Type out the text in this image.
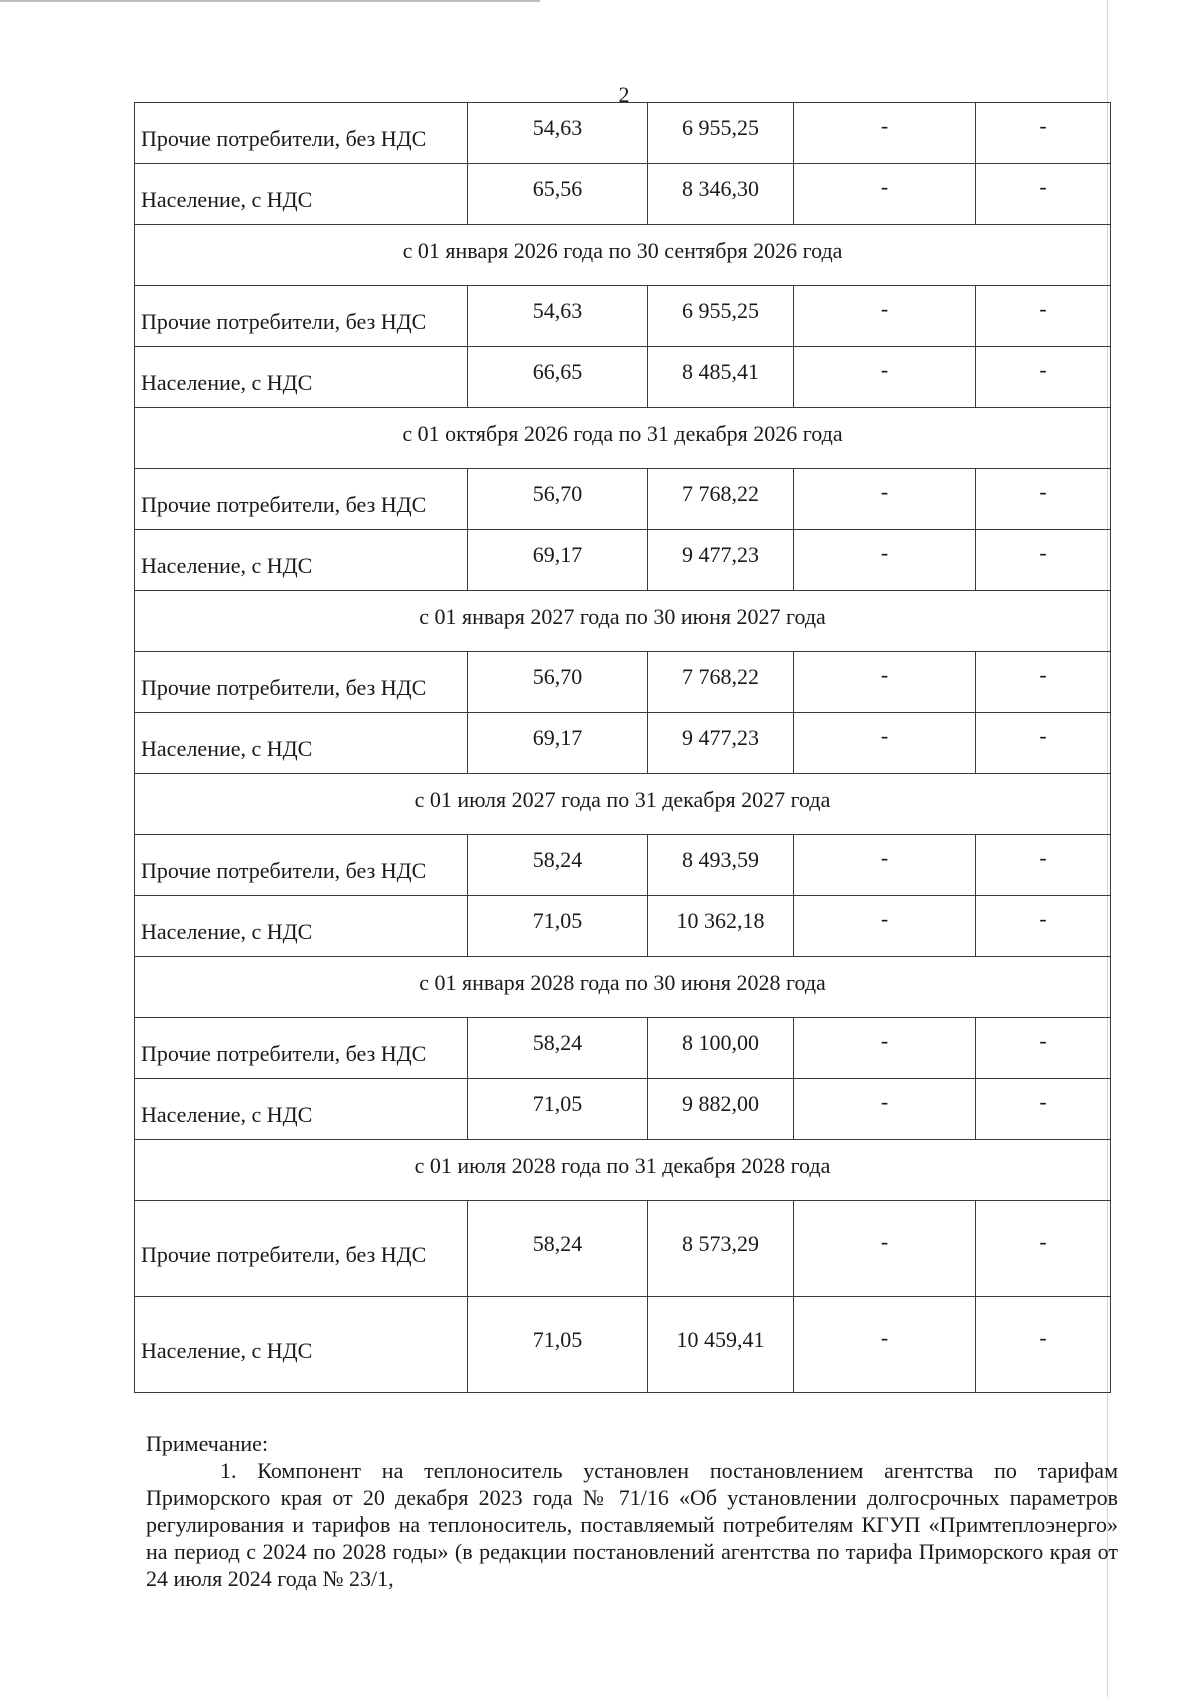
2
Прочие потребители, без НДС	54,63	6 955,25	-	-
Население, с НДС	65,56	8 346,30	-	-
с 01 января 2026 года по 30 сентября 2026 года				
Прочие потребители, без НДС	54,63	6 955,25	-	-
Население, с НДС	66,65	8 485,41	-	-
с 01 октября 2026 года по 31 декабря 2026 года				
Прочие потребители, без НДС	56,70	7 768,22	-	-
Население, с НДС	69,17	9 477,23	-	-
с 01 января 2027 года по 30 июня 2027 года				
Прочие потребители, без НДС	56,70	7 768,22	-	-
Население, с НДС	69,17	9 477,23	-	-
с 01 июля 2027 года по 31 декабря 2027 года				
Прочие потребители, без НДС	58,24	8 493,59	-	-
Население, с НДС	71,05	10 362,18	-	-
с 01 января 2028 года по 30 июня 2028 года				
Прочие потребители, без НДС	58,24	8 100,00	-	-
Население, с НДС	71,05	9 882,00	-	-
с 01 июля 2028 года по 31 декабря 2028 года				
Прочие потребители, без НДС	58,24	8 573,29	-	-
Население, с НДС	71,05	10 459,41	-	-

Примечание:

1. Компонент на теплоноситель установлен постановлением агентства по тарифам Приморского края от 20 декабря 2023 года № 71/16 «Об установлении долгосрочных параметров регулирования и тарифов на теплоноситель, поставляемый потребителям КГУП «Примтеплоэнерго» на период с 2024 по 2028 годы» (в редакции постановлений агентства по тарифа Приморского края от 24 июля 2024 года № 23/1,
